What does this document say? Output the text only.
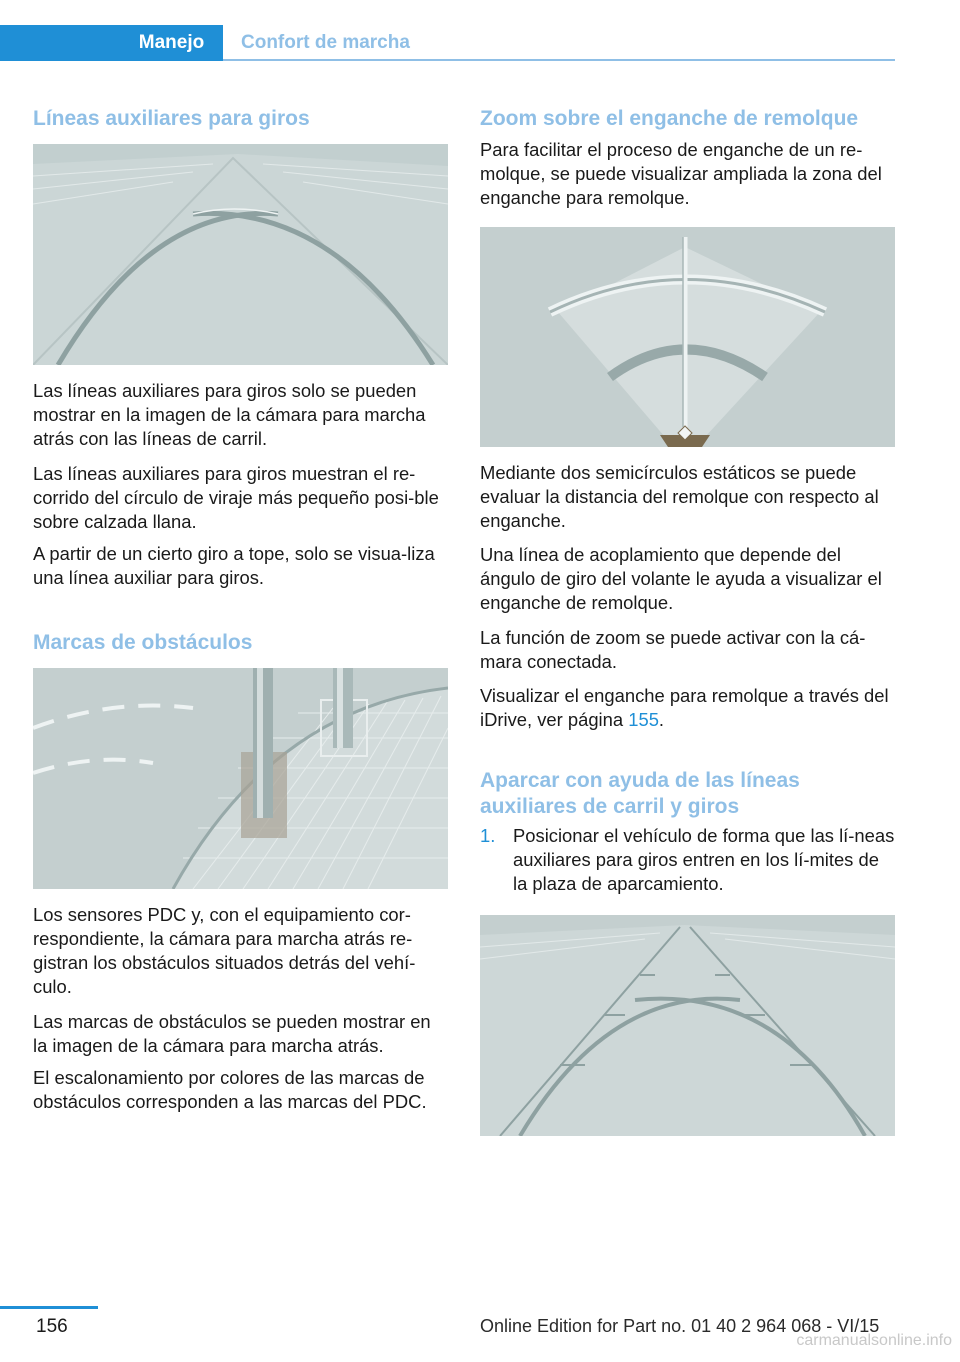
Manejo	Confort de marcha
Líneas auxiliares para giros

Las líneas auxiliares para giros solo se pueden mostrar en la imagen de la cámara para marcha atrás con las líneas de carril.

Las líneas auxiliares para giros muestran el re‐corrido del círculo de viraje más pequeño posi‐ble sobre calzada llana.

A partir de un cierto giro a tope, solo se visua‐liza una línea auxiliar para giros.

Marcas de obstáculos

Los sensores PDC y, con el equipamiento cor‐respondiente, la cámara para marcha atrás re‐gistran los obstáculos situados detrás del vehí‐culo.

Las marcas de obstáculos se pueden mostrar en la imagen de la cámara para marcha atrás.

El escalonamiento por colores de las marcas de obstáculos corresponden a las marcas del PDC.

Zoom sobre el enganche de remolque

Para facilitar el proceso de enganche de un re‐molque, se puede visualizar ampliada la zona del enganche para remolque.

Mediante dos semicírculos estáticos se puede evaluar la distancia del remolque con respecto al enganche.

Una línea de acoplamiento que depende del ángulo de giro del volante le ayuda a visualizar el enganche de remolque.

La función de zoom se puede activar con la cá‐mara conectada.

Visualizar el enganche para remolque a través del iDrive, ver página 155.

Aparcar con ayuda de las líneas auxiliares de carril y giros
1. Posicionar el vehículo de forma que las lí‐neas auxiliares para giros entren en los lí‐mites de la plaza de aparcamiento.

156	Online Edition for Part no. 01 40 2 964 068 - VI/15
carmanualsonline.info
